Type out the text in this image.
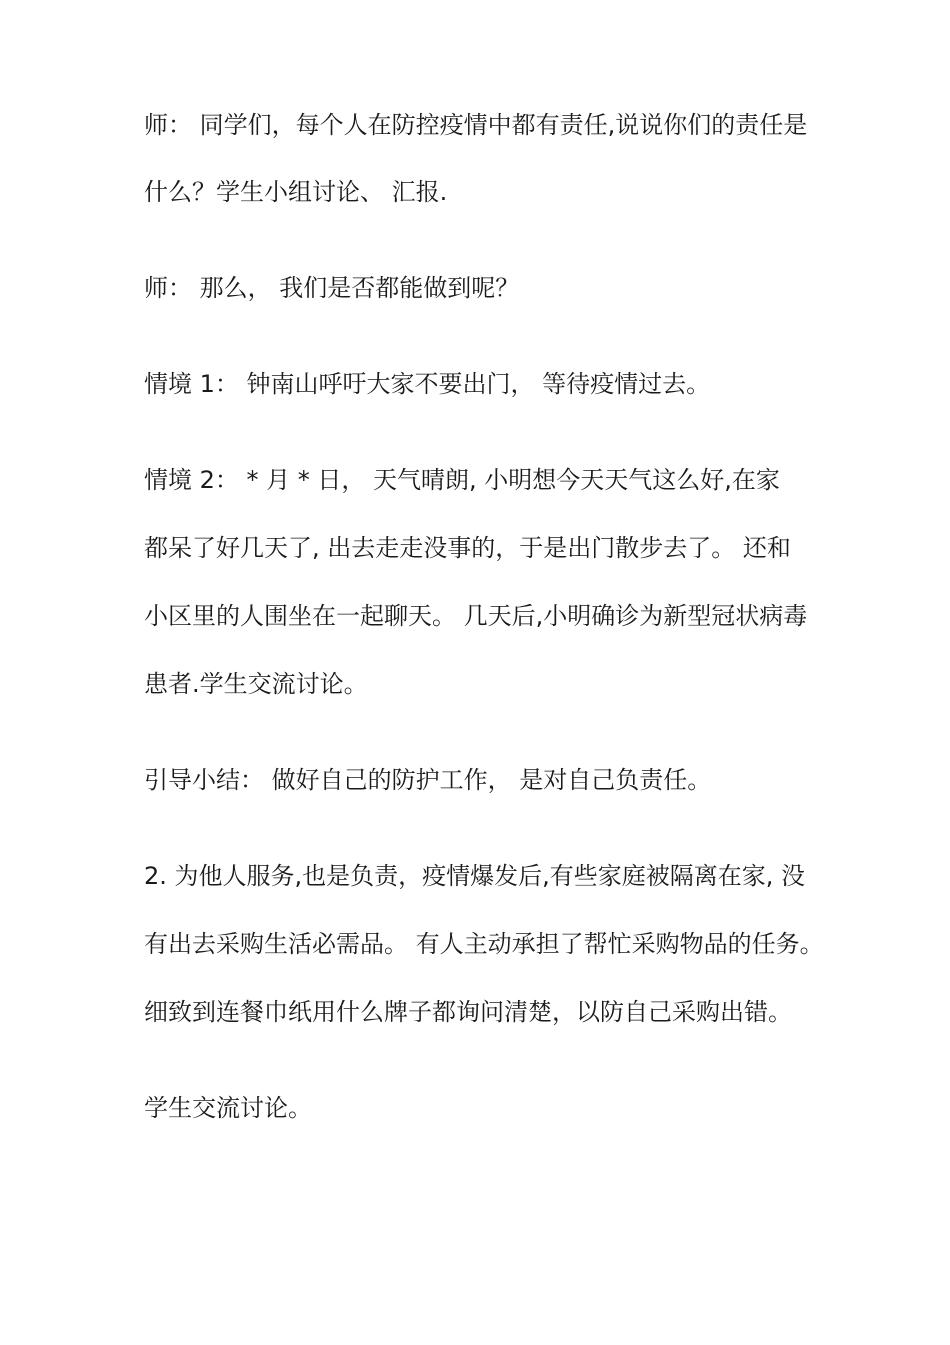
师： 同学们，每个人在防控疫情中都有责任,说说你们的责任是
什么？学生小组讨论、 汇报.
师： 那么， 我们是否都能做到呢？
情境 1： 钟南山呼吁大家不要出门， 等待疫情过去。
情境 2： * 月 * 日， 天气晴朗, 小明想今天天气这么好,在家
都呆了好几天了, 出去走走没事的，于是出门散步去了。 还和
小区里的人围坐在一起聊天。 几天后,小明确诊为新型冠状病毒
患者.学生交流讨论。
引导小结： 做好自己的防护工作， 是对自己负责任。
2. 为他人服务,也是负责，疫情爆发后,有些家庭被隔离在家, 没
有出去采购生活必需品。 有人主动承担了帮忙采购物品的任务。
细致到连餐巾纸用什么牌子都询问清楚，以防自己采购出错。
学生交流讨论。
